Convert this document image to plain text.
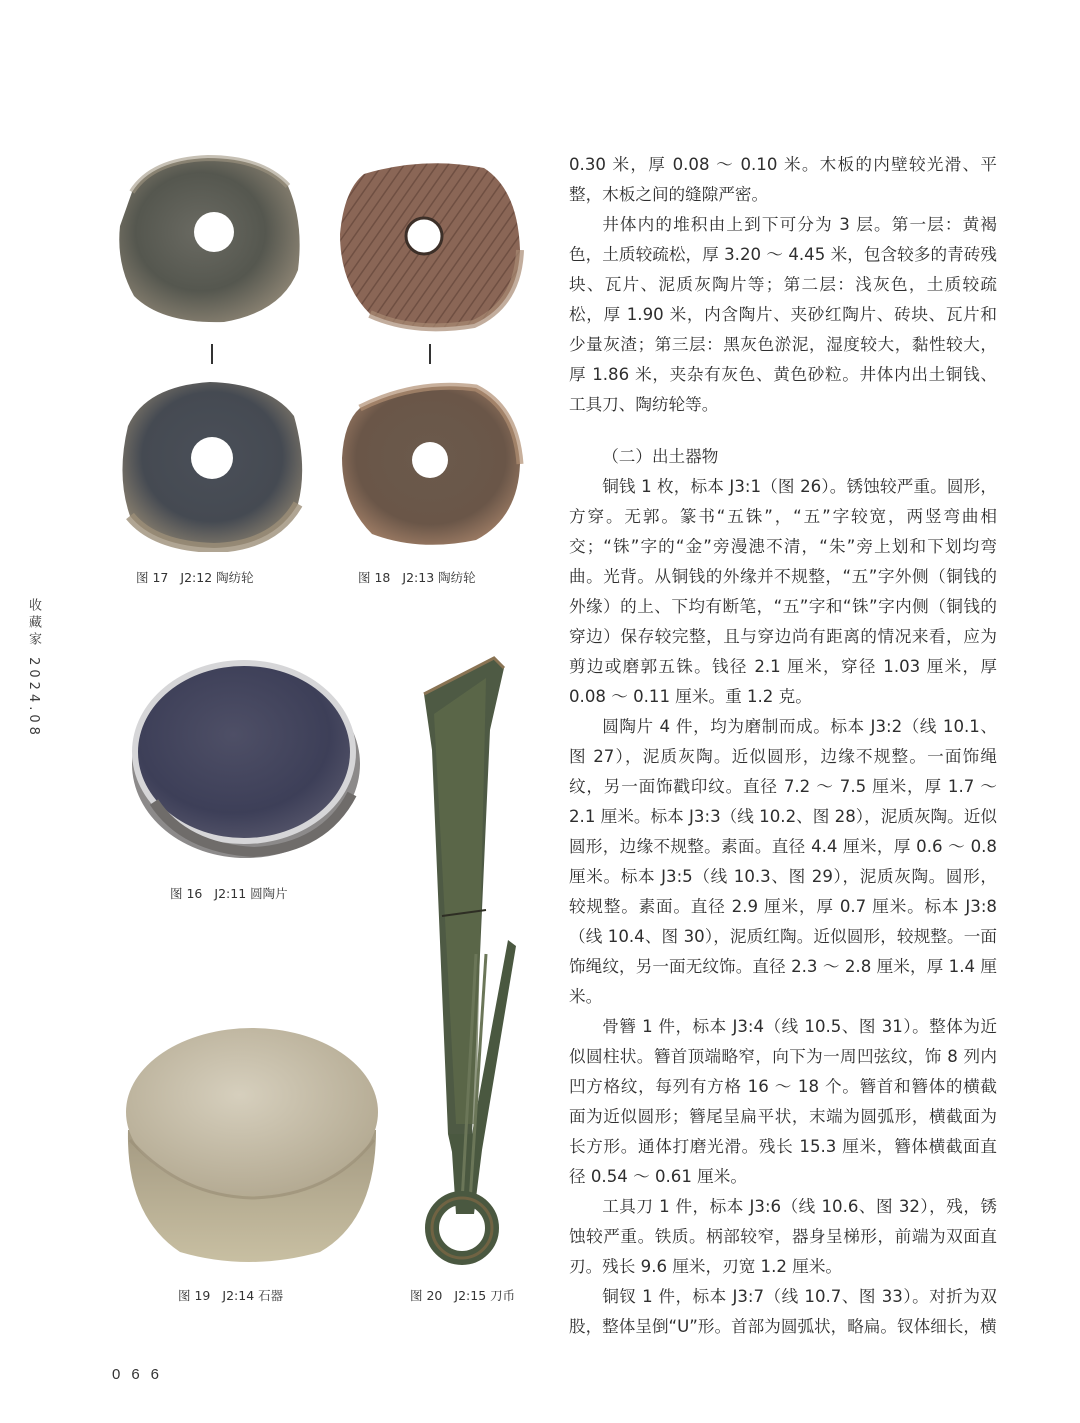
收藏家 2024.08
图 17 J2:12 陶纺轮	图 18 J2:13 陶纺轮
图 16 J2:11 圆陶片
图 20 J2:15 刀币
图 19 J2:14 石器

0.30 米，厚 0.08 ～ 0.10 米。木板的内壁较光滑、平整，木板之间的缝隙严密。

井体内的堆积由上到下可分为 3 层。第一层：黄褐色，土质较疏松，厚 3.20 ～ 4.45 米，包含较多的青砖残块、瓦片、泥质灰陶片等；第二层：浅灰色，土质较疏松，厚 1.90 米，内含陶片、夹砂红陶片、砖块、瓦片和少量灰渣；第三层：黑灰色淤泥，湿度较大，黏性较大，厚 1.86 米，夹杂有灰色、黄色砂粒。井体内出土铜钱、工具刀、陶纺轮等。

（二）出土器物

铜钱 1 枚，标本 J3:1（图 26）。锈蚀较严重。圆形，方穿。无郭。篆书“五铢”，“五”字较宽，两竖弯曲相交；“铢”字的“金”旁漫漶不清，“朱”旁上划和下划均弯曲。光背。从铜钱的外缘并不规整，“五”字外侧（铜钱的外缘）的上、下均有断笔，“五”字和“铢”字内侧（铜钱的穿边）保存较完整，且与穿边尚有距离的情况来看，应为剪边或磨郭五铢。钱径 2.1 厘米，穿径 1.03 厘米，厚 0.08 ～ 0.11 厘米。重 1.2 克。

圆陶片 4 件，均为磨制而成。标本 J3:2（线 10.1、图 27），泥质灰陶。近似圆形，边缘不规整。一面饰绳纹，另一面饰戳印纹。直径 7.2 ～ 7.5 厘米，厚 1.7 ～ 2.1 厘米。标本 J3:3（线 10.2、图 28），泥质灰陶。近似圆形，边缘不规整。素面。直径 4.4 厘米，厚 0.6 ～ 0.8 厘米。标本 J3:5（线 10.3、图 29），泥质灰陶。圆形，较规整。素面。直径 2.9 厘米，厚 0.7 厘米。标本 J3:8（线 10.4、图 30），泥质红陶。近似圆形，较规整。一面饰绳纹，另一面无纹饰。直径 2.3 ～ 2.8 厘米，厚 1.4 厘米。

骨簪 1 件，标本 J3:4（线 10.5、图 31）。整体为近似圆柱状。簪首顶端略窄，向下为一周凹弦纹，饰 8 列内凹方格纹，每列有方格 16 ～ 18 个。簪首和簪体的横截面为近似圆形；簪尾呈扁平状，末端为圆弧形，横截面为长方形。通体打磨光滑。残长 15.3 厘米，簪体横截面直径 0.54 ～ 0.61 厘米。

工具刀 1 件，标本 J3:6（线 10.6、图 32），残，锈蚀较严重。铁质。柄部较窄，器身呈梯形，前端为双面直刃。残长 9.6 厘米，刃宽 1.2 厘米。

铜钗 1 件，标本 J3:7（线 10.7、图 33）。对折为双股，整体呈倒“U”形。首部为圆弧状，略扁。钗体细长，横

066
